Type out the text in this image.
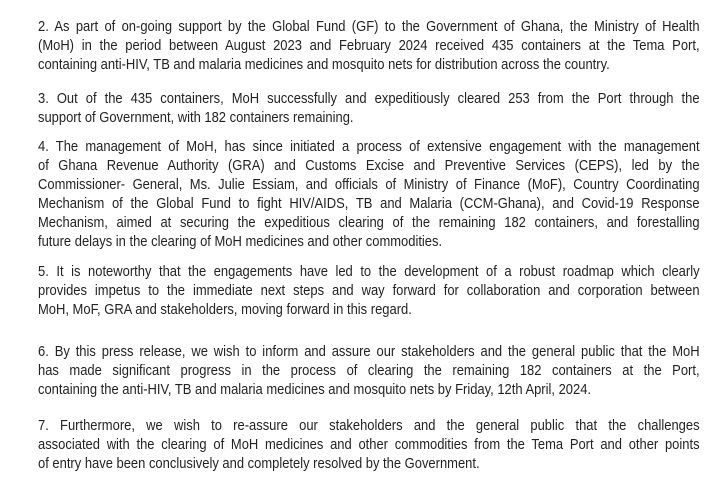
2. As part of on-going support by the Global Fund (GF) to the Government of Ghana, the Ministry of Health
(MoH) in the period between August 2023 and February 2024 received 435 containers at the Tema Port,
containing anti-HIV, TB and malaria medicines and mosquito nets for distribution across the country.
3. Out of the 435 containers, MoH successfully and expeditiously cleared 253 from the Port through the
support of Government, with 182 containers remaining.
4. The management of MoH, has since initiated a process of extensive engagement with the management
of Ghana Revenue Authority (GRA) and Customs Excise and Preventive Services (CEPS), led by the
Commissioner- General, Ms. Julie Essiam, and officials of Ministry of Finance (MoF), Country Coordinating
Mechanism of the Global Fund to fight HIV/AIDS, TB and Malaria (CCM-Ghana), and Covid-19 Response
Mechanism, aimed at securing the expeditious clearing of the remaining 182 containers, and forestalling
future delays in the clearing of MoH medicines and other commodities.
5. It is noteworthy that the engagements have led to the development of a robust roadmap which clearly
provides impetus to the immediate next steps and way forward for collaboration and corporation between
MoH, MoF, GRA and stakeholders, moving forward in this regard.
6. By this press release, we wish to inform and assure our stakeholders and the general public that the MoH
has made significant progress in the process of clearing the remaining 182 containers at the Port,
containing the anti-HIV, TB and malaria medicines and mosquito nets by Friday, 12th April, 2024.
7. Furthermore, we wish to re-assure our stakeholders and the general public that the challenges
associated with the clearing of MoH medicines and other commodities from the Tema Port and other points
of entry have been conclusively and completely resolved by the Government.
